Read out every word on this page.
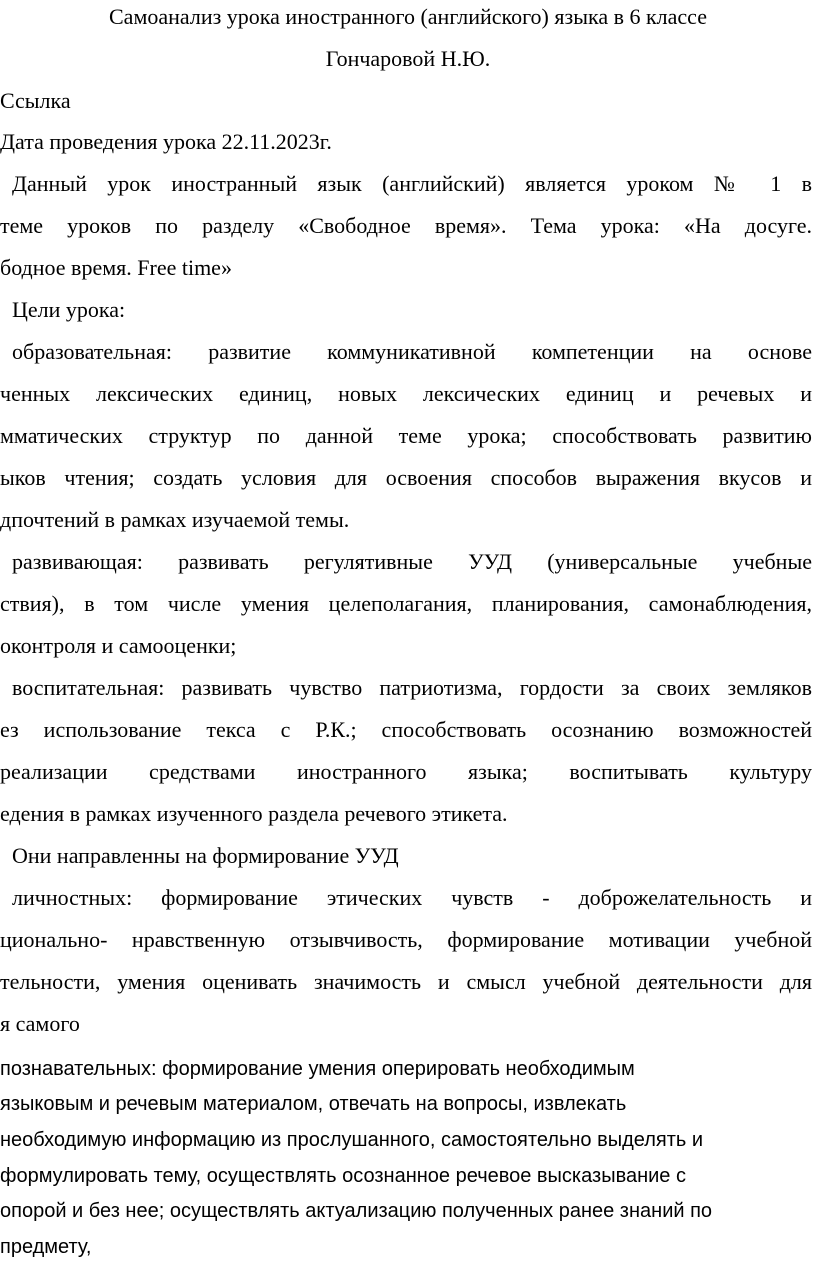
Самоанализ урока иностранного (английского) языка в 6 классе
Гончаровой Н.Ю.
Ссылка
Дата проведения урока 22.11.2023г.
Данный урок иностранный язык (английский) является уроком № 1 в
теме уроков по разделу «Свободное время». Тема урока: «На досуге.
бодное время. Free time»
Цели урока:
образовательная: развитие коммуникативной компетенции на основе
ченных лексических единиц, новых лексических единиц и речевых и
мматических структур по данной теме урока; способствовать развитию
ыков чтения; создать условия для освоения способов выражения вкусов и
дпочтений в рамках изучаемой темы.
развивающая: развивать регулятивные УУД (универсальные учебные
ствия), в том числе умения целеполагания, планирования, самонаблюдения,
оконтроля и самооценки;
воспитательная: развивать чувство патриотизма, гордости за своих земляков
ез использование текса с Р.К.; способствовать осознанию возможностей
реализации средствами иностранного языка; воспитывать культуру
едения в рамках изученного раздела речевого этикета.
Они направленны на формирование УУД
личностных: формирование этических чувств - доброжелательность и
ционально- нравственную отзывчивость, формирование мотивации учебной
тельности, умения оценивать значимость и смысл учебной деятельности для
я самого
познавательных: формирование умения оперировать необходимым
языковым и речевым материалом, отвечать на вопросы, извлекать
необходимую информацию из прослушанного, самостоятельно выделять и
формулировать тему, осуществлять осознанное речевое высказывание с
опорой и без нее; осуществлять актуализацию полученных ранее знаний по
предмету,
